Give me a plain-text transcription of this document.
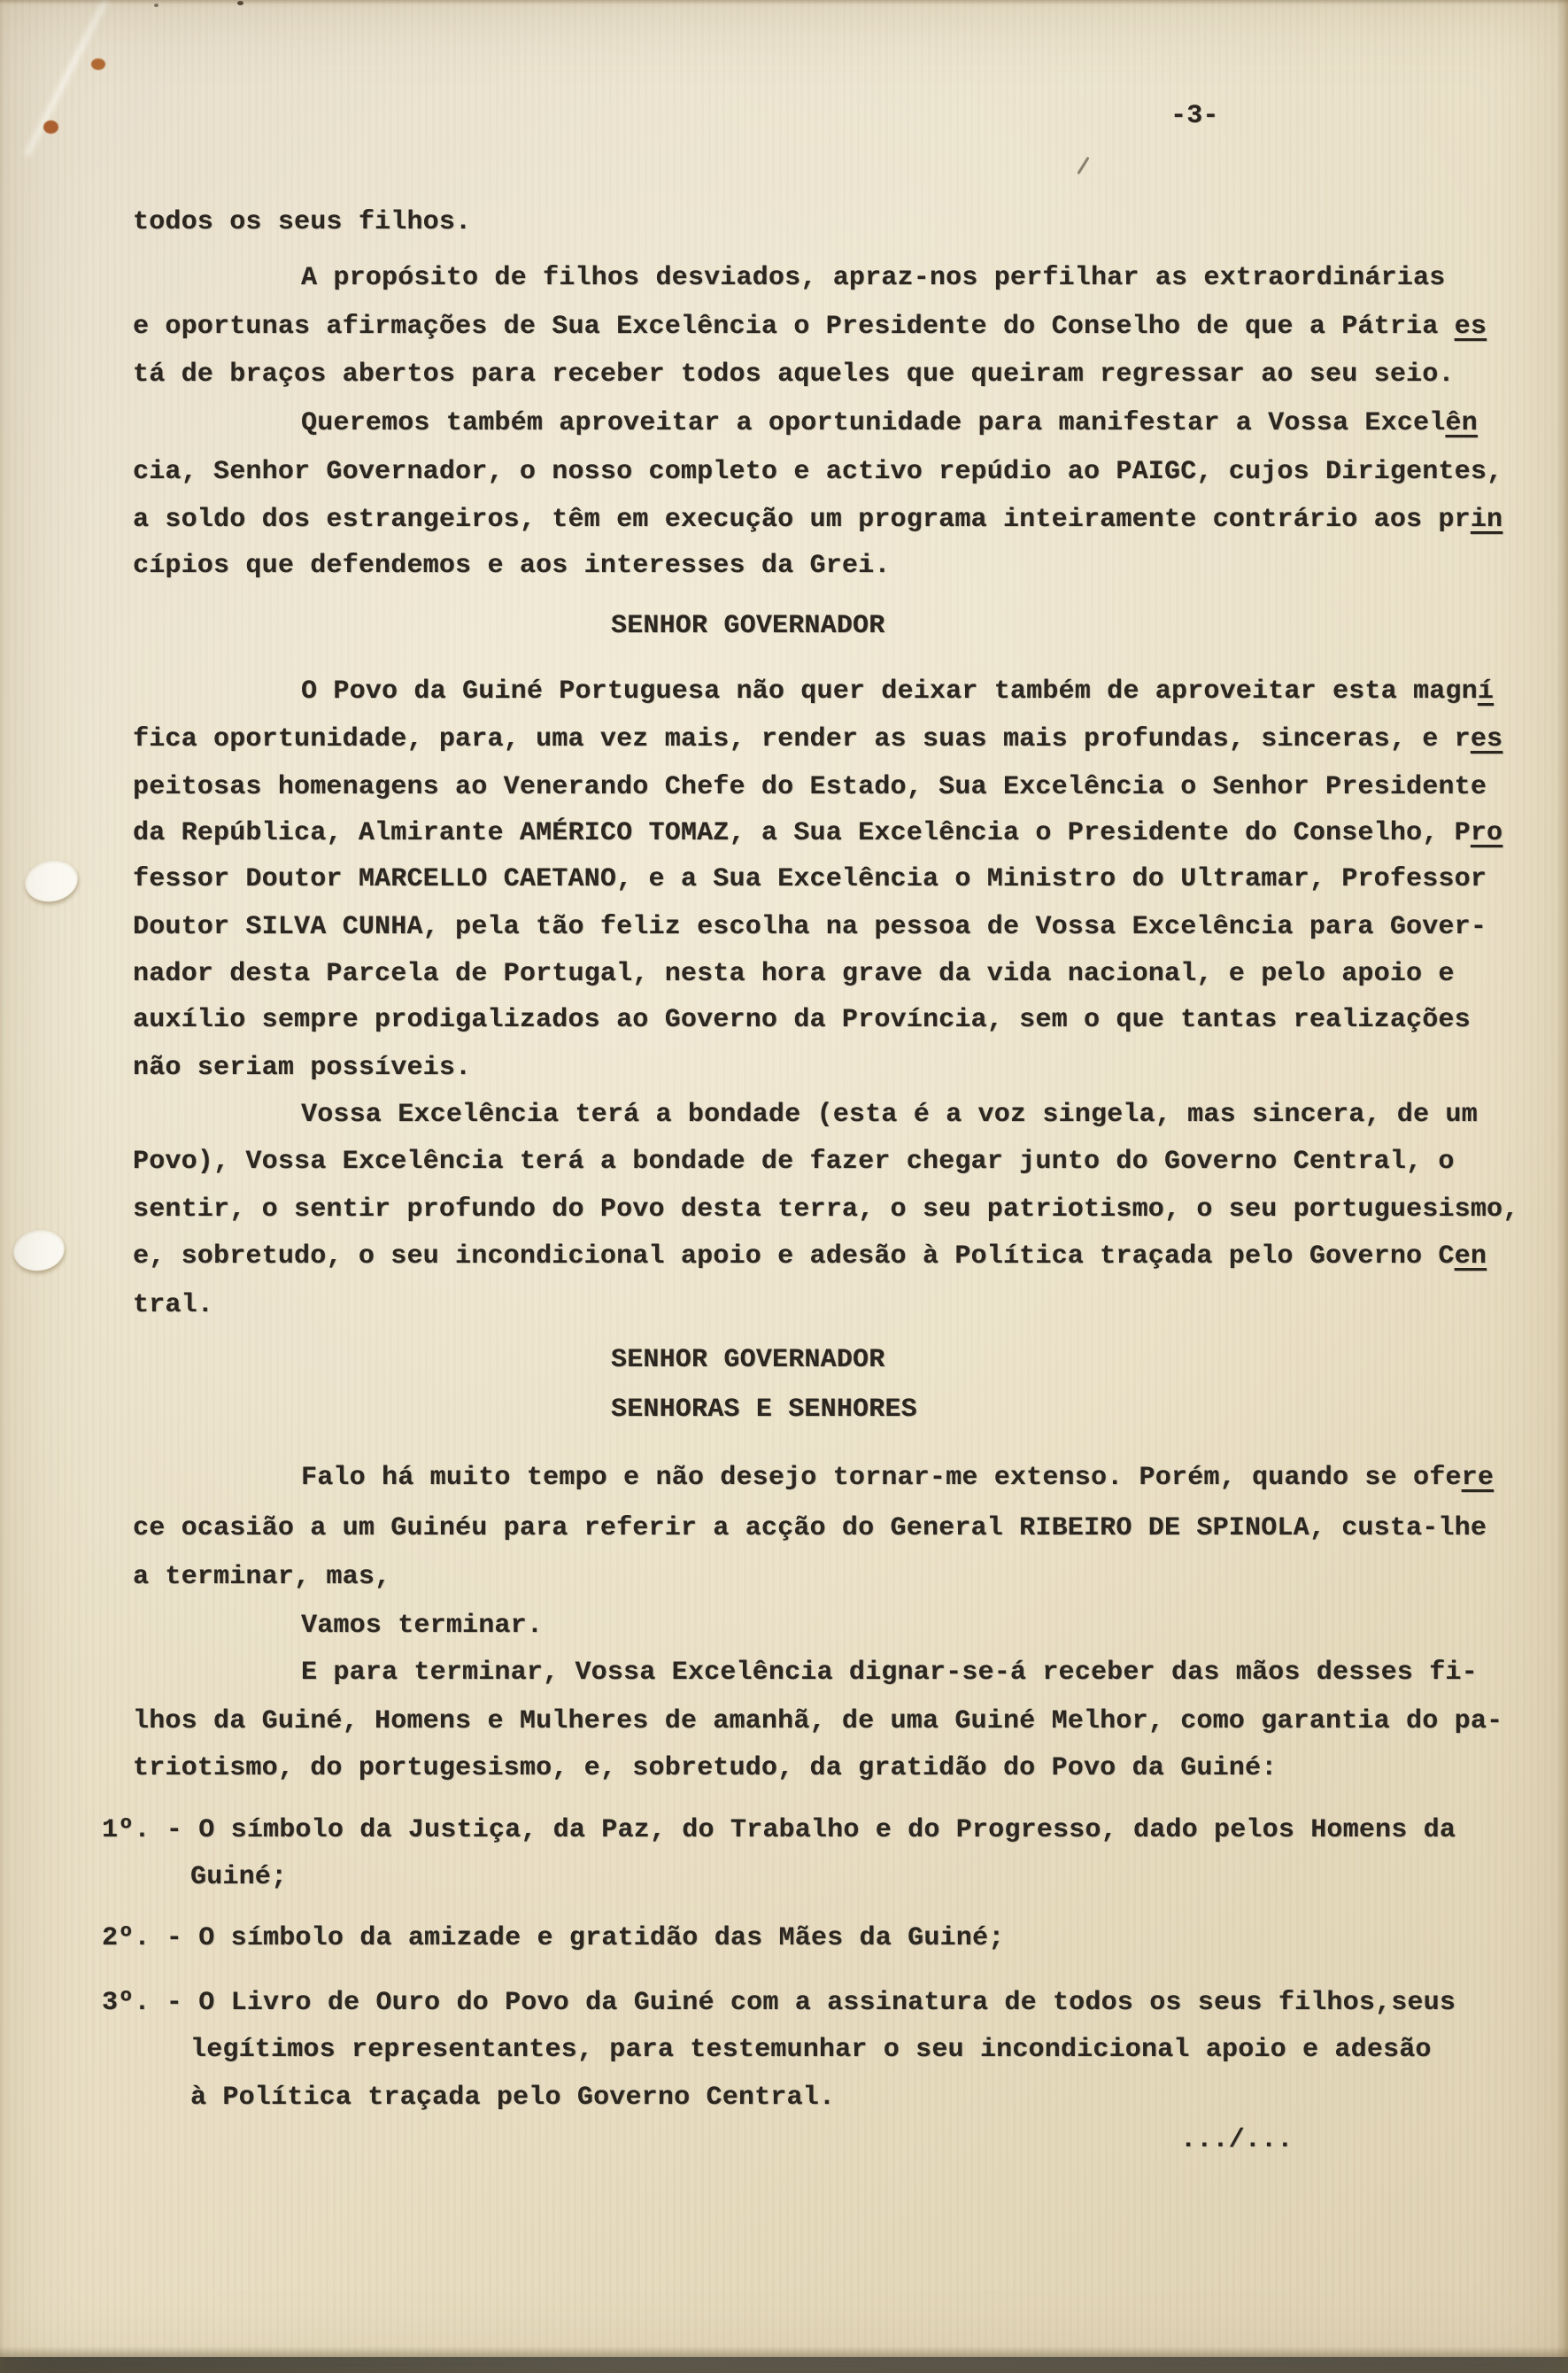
-3-
todos os seus filhos.
A propósito de filhos desviados, apraz-nos perfilhar as extraordinárias
e oportunas afirmações de Sua Excelência o Presidente do Conselho de que a Pátria es
tá de braços abertos para receber todos aqueles que queiram regressar ao seu seio.
Queremos também aproveitar a oportunidade para manifestar a Vossa Excelên
cia, Senhor Governador, o nosso completo e activo repúdio ao PAIGC, cujos Dirigentes,
a soldo dos estrangeiros, têm em execução um programa inteiramente contrário aos prin
cípios que defendemos e aos interesses da Grei.
SENHOR GOVERNADOR
O Povo da Guiné Portuguesa não quer deixar também de aproveitar esta magní
fica oportunidade, para, uma vez mais, render as suas mais profundas, sinceras, e res
peitosas homenagens ao Venerando Chefe do Estado, Sua Excelência o Senhor Presidente
da República, Almirante AMÉRICO TOMAZ, a Sua Excelência o Presidente do Conselho, Pro
fessor Doutor MARCELLO CAETANO, e a Sua Excelência o Ministro do Ultramar, Professor
Doutor SILVA CUNHA, pela tão feliz escolha na pessoa de Vossa Excelência para Gover-
nador desta Parcela de Portugal, nesta hora grave da vida nacional, e pelo apoio e
auxílio sempre prodigalizados ao Governo da Província, sem o que tantas realizações
não seriam possíveis.
Vossa Excelência terá a bondade (esta é a voz singela, mas sincera, de um
Povo), Vossa Excelência terá a bondade de fazer chegar junto do Governo Central, o
sentir, o sentir profundo do Povo desta terra, o seu patriotismo, o seu portuguesismo,
e, sobretudo, o seu incondicional apoio e adesão à Política traçada pelo Governo Cen
tral.
SENHOR GOVERNADOR
SENHORAS E SENHORES
Falo há muito tempo e não desejo tornar-me extenso. Porém, quando se ofere
ce ocasião a um Guinéu para referir a acção do General RIBEIRO DE SPINOLA, custa-lhe
a terminar, mas,
Vamos terminar.
E para terminar, Vossa Excelência dignar-se-á receber das mãos desses fi-
lhos da Guiné, Homens e Mulheres de amanhã, de uma Guiné Melhor, como garantia do pa-
triotismo, do portugesismo, e, sobretudo, da gratidão do Povo da Guiné:
1º. - O símbolo da Justiça, da Paz, do Trabalho e do Progresso, dado pelos Homens da
Guiné;
2º. - O símbolo da amizade e gratidão das Mães da Guiné;
3º. - O Livro de Ouro do Povo da Guiné com a assinatura de todos os seus filhos,seus
legítimos representantes, para testemunhar o seu incondicional apoio e adesão
à Política traçada pelo Governo Central.
.../...
